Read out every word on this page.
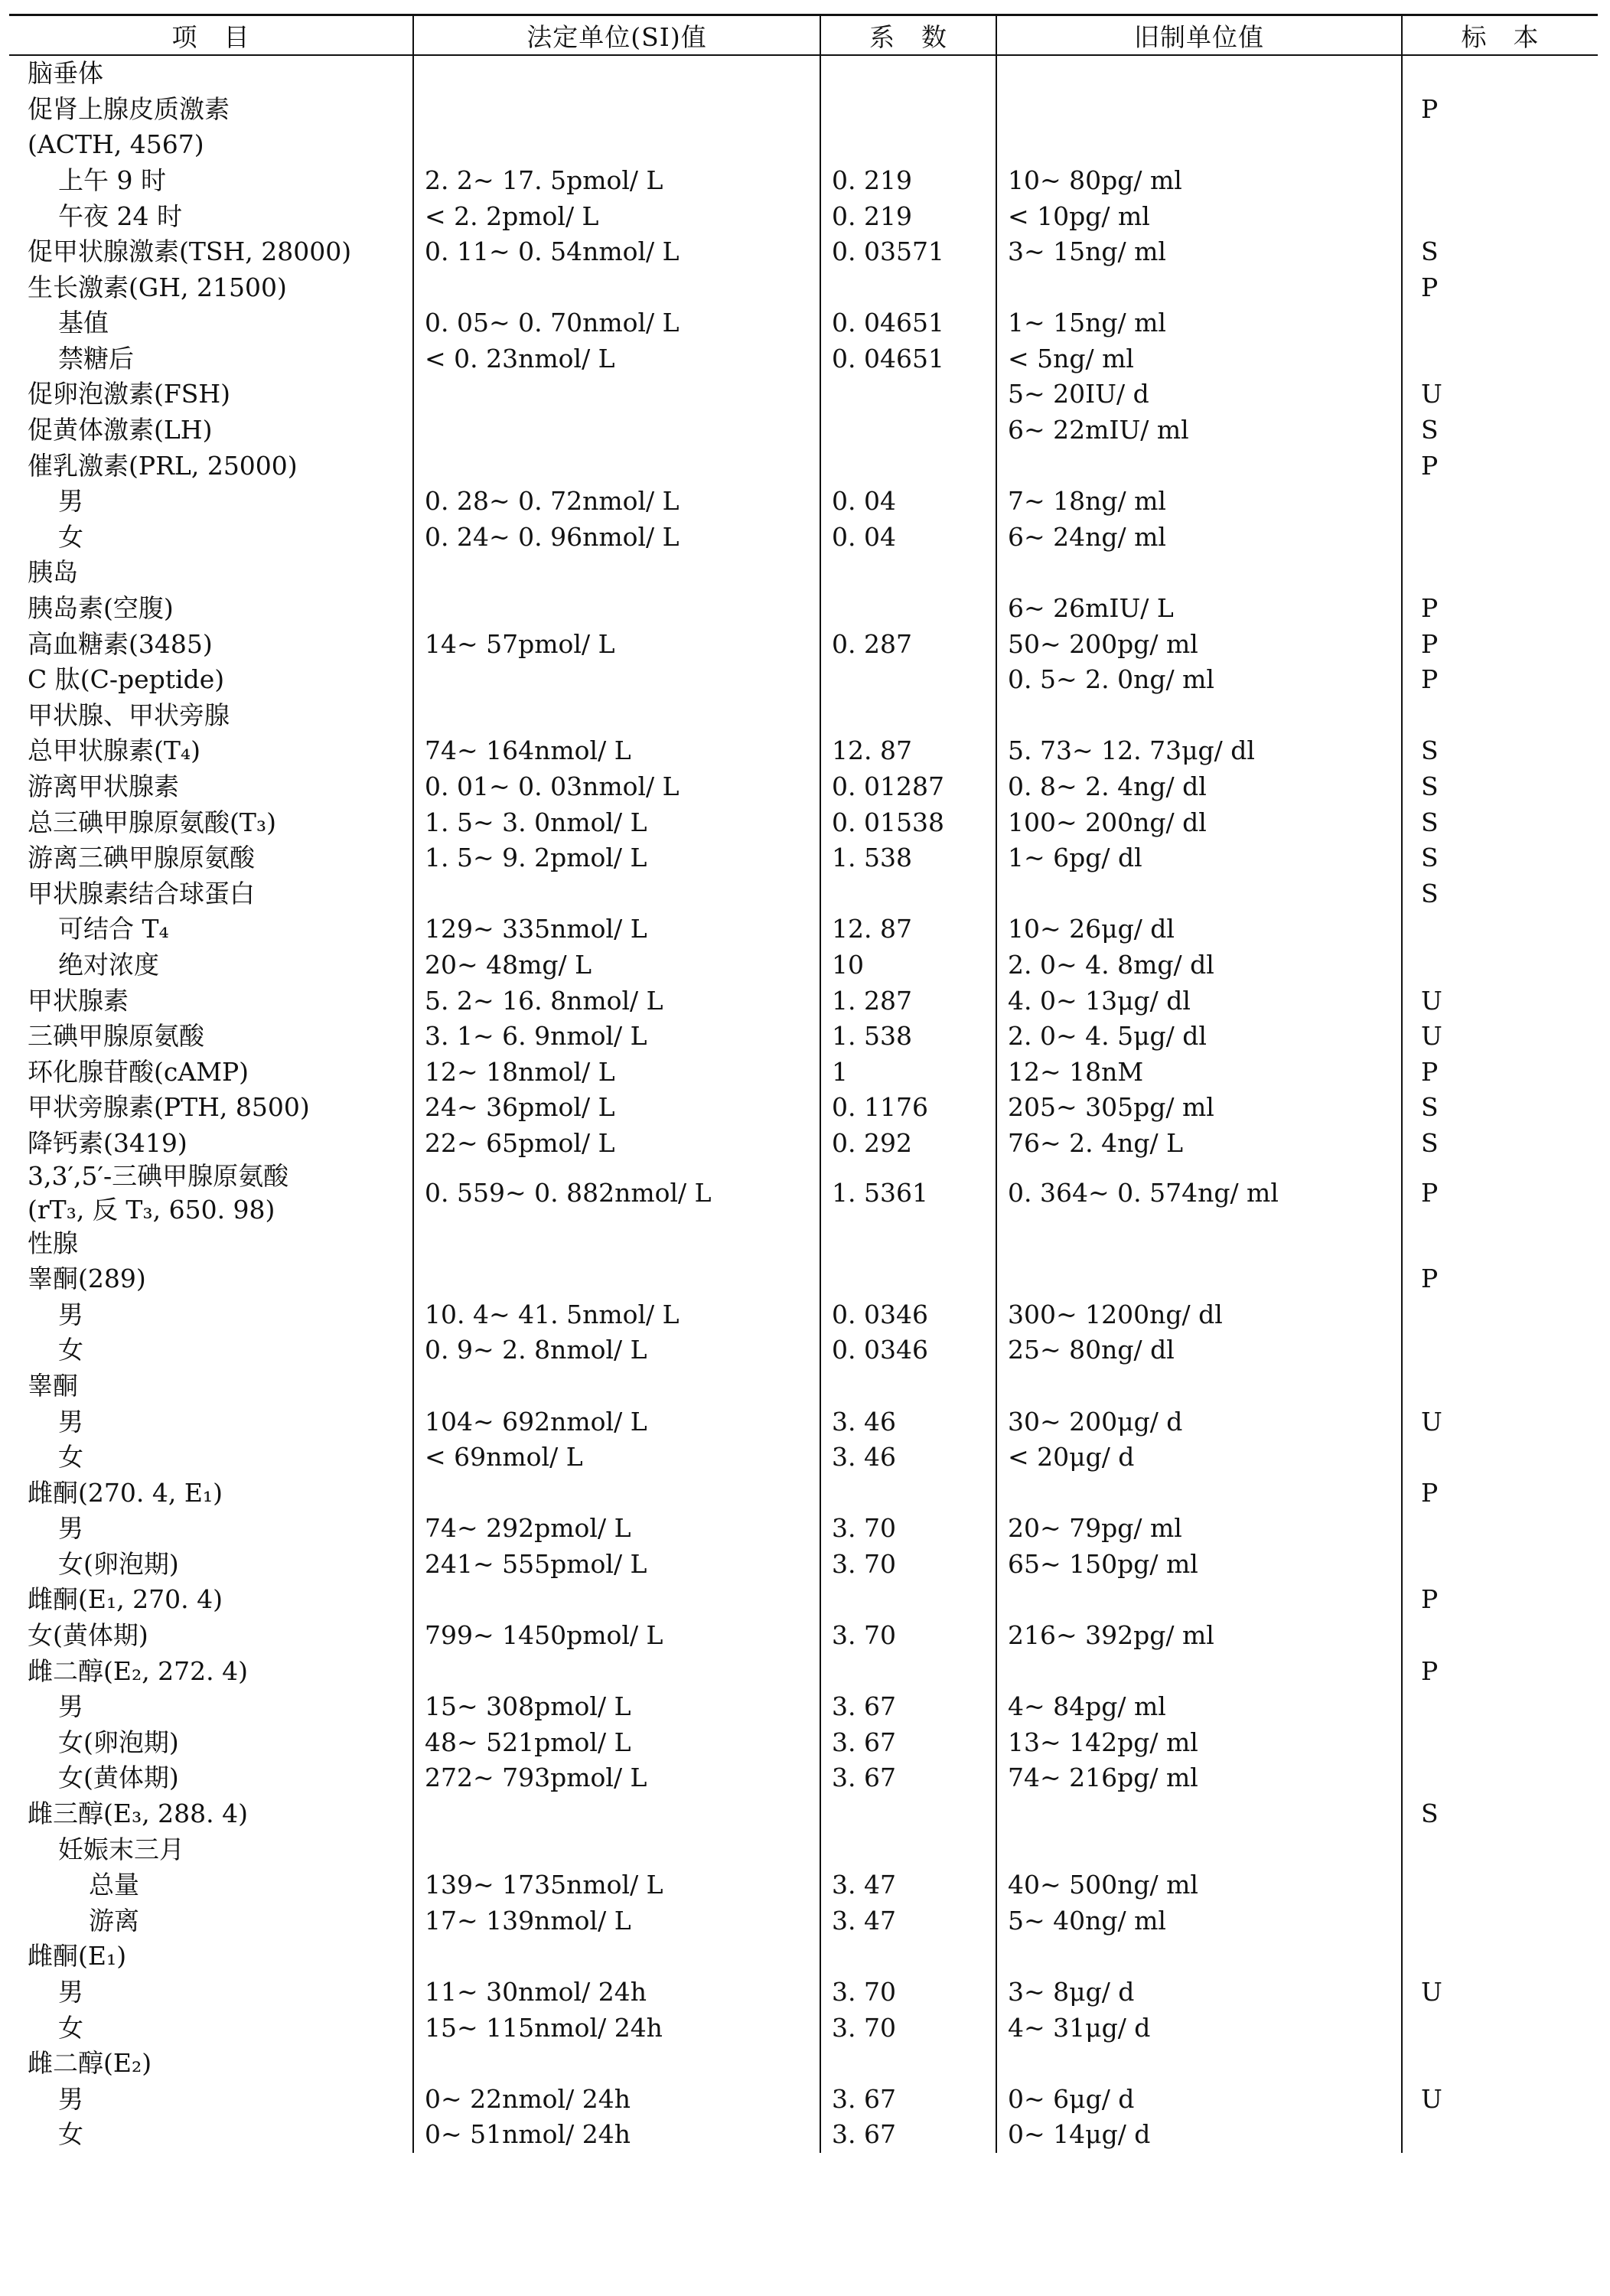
项　目	法定单位(SI)值	系　数	旧制单位值	标　本
脑垂体				
促肾上腺皮质激素				P
(ACTH, 4567)				
上午 9 时	2. 2~ 17. 5pmol/ L	0. 219	10~ 80pg/ ml	
午夜 24 时	< 2. 2pmol/ L	0. 219	< 10pg/ ml	
促甲状腺激素(TSH, 28000)	0. 11~ 0. 54nmol/ L	0. 03571	3~ 15ng/ ml	S
生长激素(GH, 21500)				P
基值	0. 05~ 0. 70nmol/ L	0. 04651	1~ 15ng/ ml	
禁糖后	< 0. 23nmol/ L	0. 04651	< 5ng/ ml	
促卵泡激素(FSH)			5~ 20IU/ d	U
促黄体激素(LH)			6~ 22mIU/ ml	S
催乳激素(PRL, 25000)				P
男	0. 28~ 0. 72nmol/ L	0. 04	7~ 18ng/ ml	
女	0. 24~ 0. 96nmol/ L	0. 04	6~ 24ng/ ml	
胰岛				
胰岛素(空腹)			6~ 26mIU/ L	P
高血糖素(3485)	14~ 57pmol/ L	0. 287	50~ 200pg/ ml	P
C 肽(C-peptide)			0. 5~ 2. 0ng/ ml	P
甲状腺、甲状旁腺				
总甲状腺素(T₄)	74~ 164nmol/ L	12. 87	5. 73~ 12. 73μg/ dl	S
游离甲状腺素	0. 01~ 0. 03nmol/ L	0. 01287	0. 8~ 2. 4ng/ dl	S
总三碘甲腺原氨酸(T₃)	1. 5~ 3. 0nmol/ L	0. 01538	100~ 200ng/ dl	S
游离三碘甲腺原氨酸	1. 5~ 9. 2pmol/ L	1. 538	1~ 6pg/ dl	S
甲状腺素结合球蛋白				S
可结合 T₄	129~ 335nmol/ L	12. 87	10~ 26μg/ dl	
绝对浓度	20~ 48mg/ L	10	2. 0~ 4. 8mg/ dl	
甲状腺素	5. 2~ 16. 8nmol/ L	1. 287	4. 0~ 13μg/ dl	U
三碘甲腺原氨酸	3. 1~ 6. 9nmol/ L	1. 538	2. 0~ 4. 5μg/ dl	U
环化腺苷酸(cAMP)	12~ 18nmol/ L	1	12~ 18nM	P
甲状旁腺素(PTH, 8500)	24~ 36pmol/ L	0. 1176	205~ 305pg/ ml	S
降钙素(3419)	22~ 65pmol/ L	0. 292	76~ 2. 4ng/ L	S

3,3′,5′-三碘甲腺原氨酸
(rT₃, 反 T₃, 650. 98)	0. 559~ 0. 882nmol/ L	1. 5361	0. 364~ 0. 574ng/ ml	P
性腺				
睾酮(289)				P
男	10. 4~ 41. 5nmol/ L	0. 0346	300~ 1200ng/ dl	
女	0. 9~ 2. 8nmol/ L	0. 0346	25~ 80ng/ dl	
睾酮				
男	104~ 692nmol/ L	3. 46	30~ 200μg/ d	U
女	< 69nmol/ L	3. 46	< 20μg/ d	
雌酮(270. 4, E₁)				P
男	74~ 292pmol/ L	3. 70	20~ 79pg/ ml	
女(卵泡期)	241~ 555pmol/ L	3. 70	65~ 150pg/ ml	
雌酮(E₁, 270. 4)				P
女(黄体期)	799~ 1450pmol/ L	3. 70	216~ 392pg/ ml	
雌二醇(E₂, 272. 4)				P
男	15~ 308pmol/ L	3. 67	4~ 84pg/ ml	
女(卵泡期)	48~ 521pmol/ L	3. 67	13~ 142pg/ ml	
女(黄体期)	272~ 793pmol/ L	3. 67	74~ 216pg/ ml	
雌三醇(E₃, 288. 4)				S
妊娠末三月				
总量	139~ 1735nmol/ L	3. 47	40~ 500ng/ ml	
游离	17~ 139nmol/ L	3. 47	5~ 40ng/ ml	
雌酮(E₁)				
男	11~ 30nmol/ 24h	3. 70	3~ 8μg/ d	U
女	15~ 115nmol/ 24h	3. 70	4~ 31μg/ d	
雌二醇(E₂)				
男	0~ 22nmol/ 24h	3. 67	0~ 6μg/ d	U
女	0~ 51nmol/ 24h	3. 67	0~ 14μg/ d	
